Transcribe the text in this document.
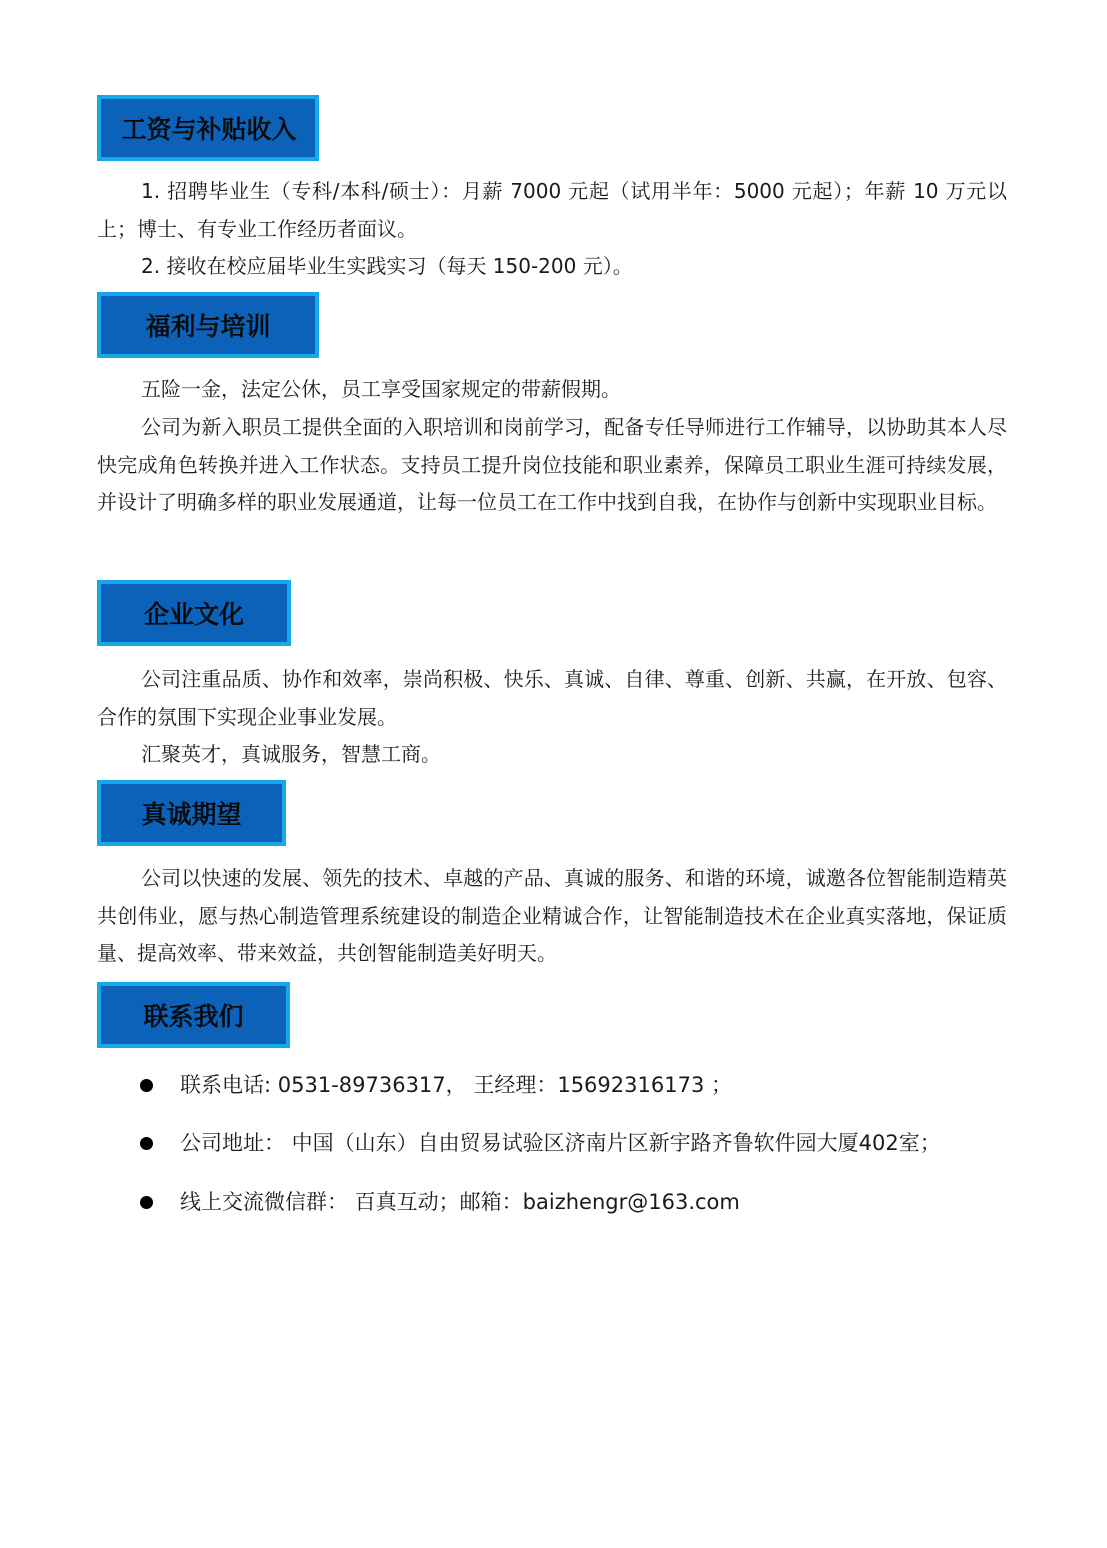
工资与补贴收入

1. 招聘毕业生（专科/本科/硕士）：月薪 7000 元起（试用半年：5000 元起）；年薪 10 万元以上；博士、有专业工作经历者面议。

2. 接收在校应届毕业生实践实习（每天 150-200 元）。

福利与培训

五险一金，法定公休，员工享受国家规定的带薪假期。

公司为新入职员工提供全面的入职培训和岗前学习，配备专任导师进行工作辅导，以协助其本人尽快完成角色转换并进入工作状态。支持员工提升岗位技能和职业素养，保障员工职业生涯可持续发展，并设计了明确多样的职业发展通道，让每一位员工在工作中找到自我，在协作与创新中实现职业目标。

企业文化

公司注重品质、协作和效率，崇尚积极、快乐、真诚、自律、尊重、创新、共赢，在开放、包容、合作的氛围下实现企业事业发展。

汇聚英才，真诚服务，智慧工商。

真诚期望

公司以快速的发展、领先的技术、卓越的产品、真诚的服务、和谐的环境，诚邀各位智能制造精英共创伟业，愿与热心制造管理系统建设的制造企业精诚合作，让智能制造技术在企业真实落地，保证质量、提高效率、带来效益，共创智能制造美好明天。

联系我们
联系电话: 0531-89736317， 王经理：15692316173 ；
公司地址： 中国（山东）自由贸易试验区济南片区新宇路齐鲁软件园大厦402室；
线上交流微信群： 百真互动；邮箱：baizhengr@163.com
